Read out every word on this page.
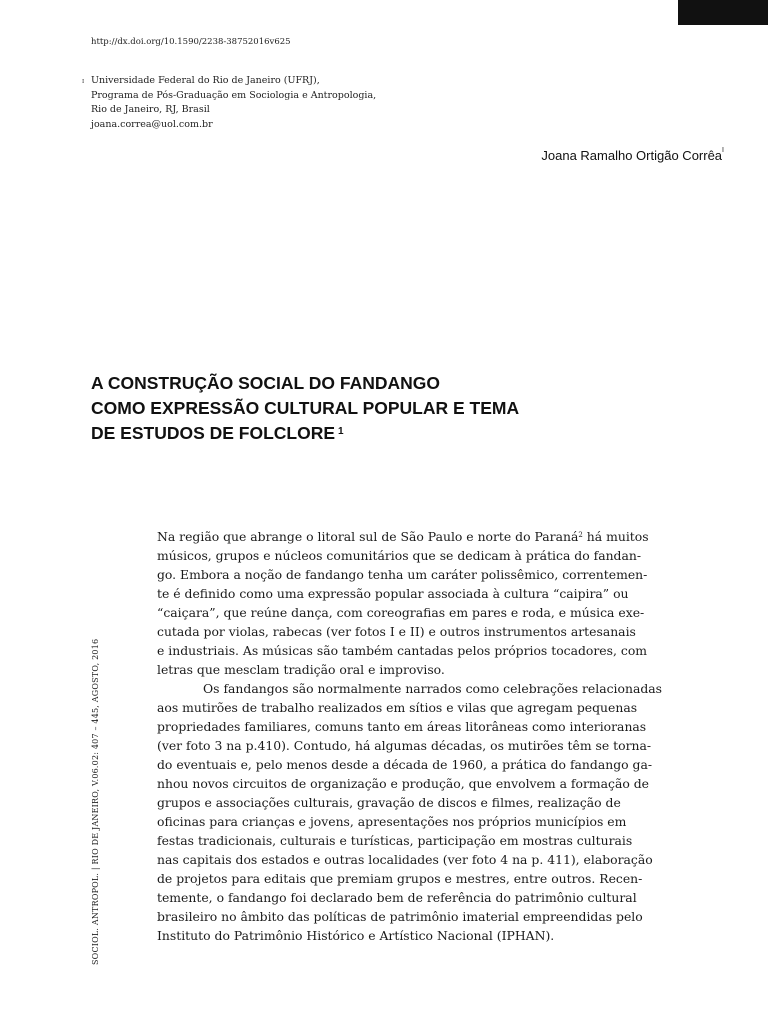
http://dx.doi.org/10.1590/2238-38752016v625
I Universidade Federal do Rio de Janeiro (UFRJ),
Programa de Pós-Graduação em Sociologia e Antropologia,
Rio de Janeiro, RJ, Brasil
joana.correa@uol.com.br
Joana Ramalho Ortigão Corrêa$^I$
A CONSTRUÇÃO SOCIAL DO FANDANGO
COMO EXPRESSÃO CULTURAL POPULAR E TEMA
DE ESTUDOS DE FOLCLORE $^1$
Na região que abrange o litoral sul de São Paulo e norte do Paraná$^2$ há muitos
músicos, grupos e núcleos comunitários que se dedicam à prática do fandan-
go. Embora a noção de fandango tenha um caráter polissêmico, correntemen-
te é definido como uma expressão popular associada à cultura “caipira” ou
“caiçara”, que reúne dança, com coreografias em pares e roda, e música exe-
cutada por violas, rabecas (ver fotos I e II) e outros instrumentos artesanais
e industriais. As músicas são também cantadas pelos próprios tocadores, com
letras que mesclam tradição oral e improviso.
Os fandangos são normalmente narrados como celebrações relacionadas
aos mutirões de trabalho realizados em sítios e vilas que agregam pequenas
propriedades familiares, comuns tanto em áreas litorâneas como interioranas
(ver foto 3 na p.410). Contudo, há algumas décadas, os mutirões têm se torna-
do eventuais e, pelo menos desde a década de 1960, a prática do fandango ga-
nhou novos circuitos de organização e produção, que envolvem a formação de
grupos e associações culturais, gravação de discos e filmes, realização de
oficinas para crianças e jovens, apresentações nos próprios municípios em
festas tradicionais, culturais e turísticas, participação em mostras culturais
nas capitais dos estados e outras localidades (ver foto 4 na p. 411), elaboração
de projetos para editais que premiam grupos e mestres, entre outros. Recen-
temente, o fandango foi declarado bem de referência do patrimônio cultural
brasileiro no âmbito das políticas de patrimônio imaterial empreendidas pelo
Instituto do Patrimônio Histórico e Artístico Nacional (IPHAN).
SOCIOL. ANTROPOL. | RIO DE JANEIRO, V.06.02: 407 – 445, AGOSTO, 2016
